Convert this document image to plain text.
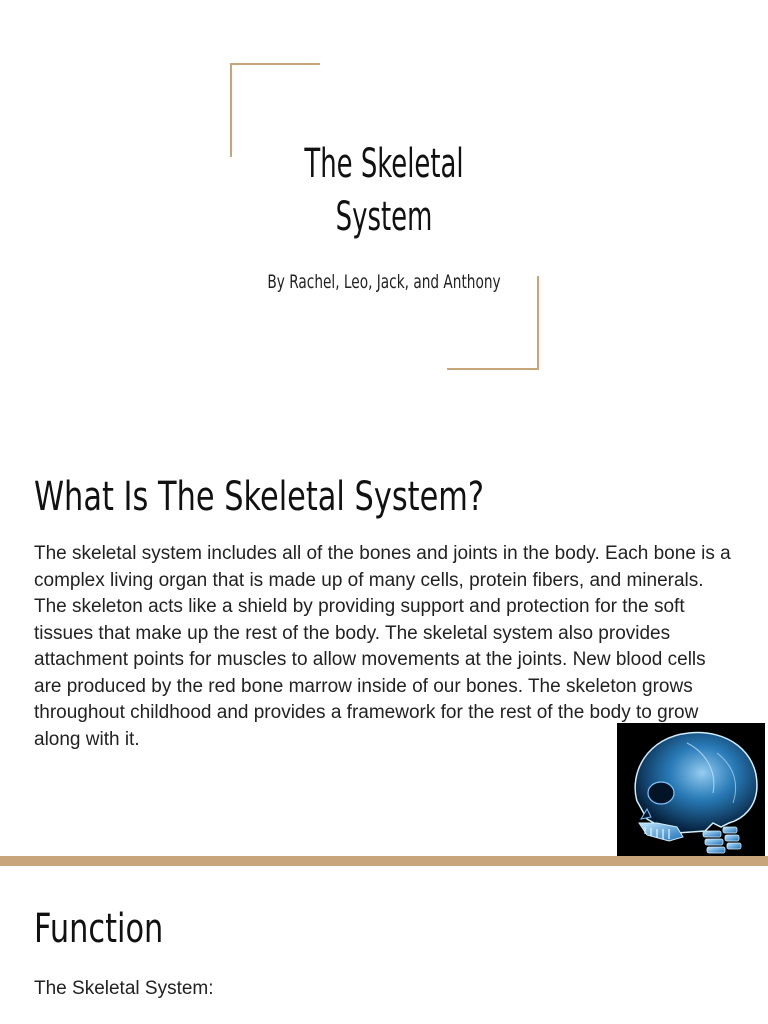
The Skeletal
System
By Rachel, Leo, Jack, and Anthony
What Is The Skeletal System?

The skeletal system includes all of the bones and joints in the body. Each bone is a complex living organ that is made up of many cells, protein fibers, and minerals. The skeleton acts like a shield by providing support and protection for the soft tissues that make up the rest of the body. The skeletal system also provides attachment points for muscles to allow movements at the joints. New blood cells are produced by the red bone marrow inside of our bones. The skeleton grows throughout childhood and provides a framework for the rest of the body to grow along with it.

Function

The Skeletal System:
